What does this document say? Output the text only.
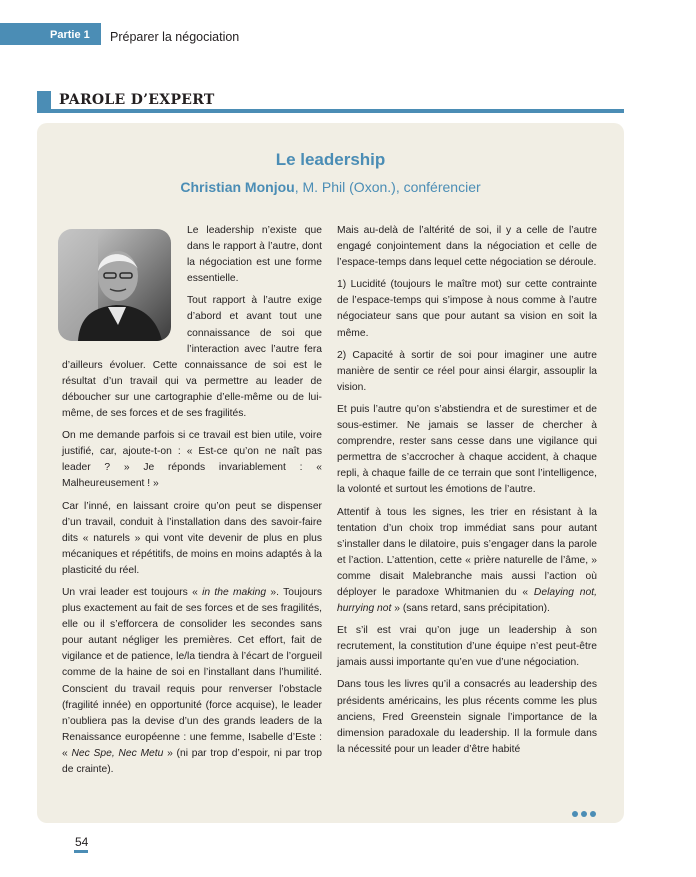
Partie 1 Préparer la négociation
PAROLE D’EXPERT
Le leadership
Christian Monjou, M. Phil (Oxon.), conférencier

Le leadership n’existe que dans le rapport à l’autre, dont la négociation est une forme essentielle.

Tout rapport à l’autre exige d’abord et avant tout une connaissance de soi que l’interaction avec l’autre fera d’ailleurs évoluer. Cette connaissance de soi est le résultat d’un travail qui va permettre au leader de déboucher sur une cartographie d’elle-même ou de lui-même, de ses forces et de ses fragilités.

On me demande parfois si ce travail est bien utile, voire justifié, car, ajoute-t-on : « Est-ce qu’on ne naît pas leader ? » Je réponds invariablement : « Malheureusement ! »

Car l’inné, en laissant croire qu’on peut se dispenser d’un travail, conduit à l’installation dans des savoir-faire dits « naturels » qui vont vite devenir de plus en plus mécaniques et répétitifs, de moins en moins adaptés à la plasticité du réel.

Un vrai leader est toujours « in the making ». Toujours plus exactement au fait de ses forces et de ses fragilités, elle ou il s’efforcera de consolider les secondes sans pour autant négliger les premières. Cet effort, fait de vigilance et de patience, le/la tiendra à l’écart de l’orgueil comme de la haine de soi en l’installant dans l’humilité. Conscient du travail requis pour renverser l’obstacle (fragilité innée) en opportunité (force acquise), le leader n’oubliera pas la devise d’un des grands leaders de la Renaissance européenne : une femme, Isabelle d’Este : « Nec Spe, Nec Metu » (ni par trop d’espoir, ni par trop de crainte).

Mais au-delà de l’altérité de soi, il y a celle de l’autre engagé conjointement dans la négociation et celle de l’espace-temps dans lequel cette négociation se déroule.

1) Lucidité (toujours le maître mot) sur cette contrainte de l’espace-temps qui s’impose à nous comme à l’autre négociateur sans que pour autant sa vision en soit la même.

2) Capacité à sortir de soi pour imaginer une autre manière de sentir ce réel pour ainsi élargir, assouplir la vision.

Et puis l’autre qu’on s’abstiendra et de surestimer et de sous-estimer. Ne jamais se lasser de chercher à comprendre, rester sans cesse dans une vigilance qui permettra de s’accrocher à chaque accident, à chaque repli, à chaque faille de ce terrain que sont l’intelligence, la volonté et surtout les émotions de l’autre.

Attentif à tous les signes, les trier en résistant à la tentation d’un choix trop immédiat sans pour autant s’installer dans le dilatoire, puis s’engager dans la parole et l’action. L’attention, cette « prière naturelle de l’âme, » comme disait Malebranche mais aussi l’action où déployer le paradoxe Whitmanien du « Delaying not, hurrying not » (sans retard, sans précipitation).

Et s’il est vrai qu’on juge un leadership à son recrutement, la constitution d’une équipe n’est peut-être jamais aussi importante qu’en vue d’une négociation.

Dans tous les livres qu’il a consacrés au leadership des présidents américains, les plus récents comme les plus anciens, Fred Greenstein signale l’importance de la dimension paradoxale du leadership. Il la formule dans la nécessité pour un leader d’être habité

54
